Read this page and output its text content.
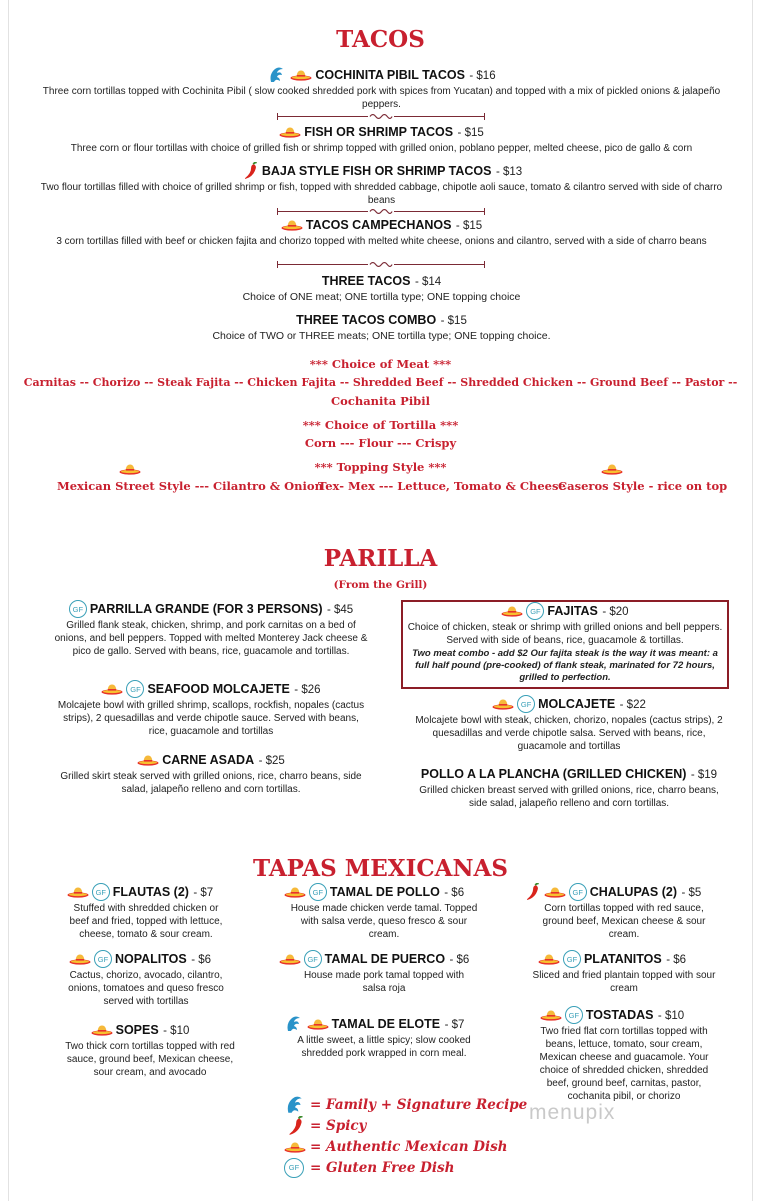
TACOS
COCHINITA PIBIL TACOS - $16
Three corn tortillas topped with Cochinita Pibil ( slow cooked shredded pork with spices from Yucatan) and topped with a mix of pickled onions & jalapeño peppers.
FISH OR SHRIMP TACOS - $15
Three corn or flour tortillas with choice of grilled fish or shrimp topped with grilled onion, poblano pepper, melted cheese, pico de gallo & corn
BAJA STYLE FISH OR SHRIMP TACOS - $13
Two flour tortillas filled with choice of grilled shrimp or fish, topped with shredded cabbage, chipotle aoli sauce, tomato & cilantro served with side of charro beans
TACOS CAMPECHANOS - $15
3 corn tortillas filled with beef or chicken fajita and chorizo topped with melted white cheese, onions and cilantro, served with a side of charro beans
THREE TACOS - $14
Choice of ONE meat; ONE tortilla type; ONE topping choice
THREE TACOS COMBO - $15
Choice of TWO or THREE meats; ONE tortilla type; ONE topping choice.
*** Choice of Meat ***
Carnitas -- Chorizo -- Steak Fajita -- Chicken Fajita -- Shredded Beef -- Shredded Chicken -- Ground Beef -- Pastor --
Cochanita Pibil
*** Choice of Tortilla ***
Corn --- Flour --- Crispy
*** Topping Style ***
Mexican Street Style --- Cilantro & Onion
Tex- Mex --- Lettuce, Tomato & Cheese
Caseros Style - rice on top
PARILLA
(From the Grill)
GF PARRILLA GRANDE (FOR 3 PERSONS) - $45
Grilled flank steak, chicken, shrimp, and pork carnitas on a bed of onions, and bell peppers. Topped with melted Monterey Jack cheese & pico de gallo. Served with beans, rice, guacamole and tortillas.
GF SEAFOOD MOLCAJETE - $26
Molcajete bowl with grilled shrimp, scallops, rockfish, nopales (cactus strips), 2 quesadillas and verde chipotle sauce. Served with beans, rice, guacamole and tortillas
CARNE ASADA - $25
Grilled skirt steak served with grilled onions, rice, charro beans, side salad, jalapeño relleno and corn tortillas.
GF FAJITAS - $20
Choice of chicken, steak or shrimp with grilled onions and bell peppers. Served with side of beans, rice, guacamole & tortillas.
Two meat combo - add $2 Our fajita steak is the way it was meant: a full half pound (pre-cooked) of flank steak, marinated for 72 hours, grilled to perfection.
GF MOLCAJETE - $22
Molcajete bowl with steak, chicken, chorizo, nopales (cactus strips), 2 quesadillas and verde chipotle salsa. Served with beans, rice, guacamole and tortillas
POLLO A LA PLANCHA (GRILLED CHICKEN) - $19
Grilled chicken breast served with grilled onions, rice, charro beans, side salad, jalapeño relleno and corn tortillas.
TAPAS MEXICANAS
GF FLAUTAS (2) - $7
Stuffed with shredded chicken or beef and fried, topped with lettuce, cheese, tomato & sour cream.
GF NOPALITOS - $6
Cactus, chorizo, avocado, cilantro, onions, tomatoes and queso fresco served with tortillas
SOPES - $10
Two thick corn tortillas topped with red sauce, ground beef, Mexican cheese, sour cream, and avocado
GF TAMAL DE POLLO - $6
House made chicken verde tamal. Topped with salsa verde, queso fresco & sour cream.
GF TAMAL DE PUERCO - $6
House made pork tamal topped with salsa roja
TAMAL DE ELOTE - $7
A little sweet, a little spicy; slow cooked shredded pork wrapped in corn meal.
GF CHALUPAS (2) - $5
Corn tortillas topped with red sauce, ground beef, Mexican cheese & sour cream.
GF PLATANITOS - $6
Sliced and fried plantain topped with sour cream
GF TOSTADAS - $10
Two fried flat corn tortillas topped with beans, lettuce, tomato, sour cream, Mexican cheese and guacamole. Your choice of shredded chicken, shredded beef, ground beef, carnitas, pastor, cochanita pibil, or chorizo
= Family + Signature Recipe
= Spicy
= Authentic Mexican Dish
GF = Gluten Free Dish
menupix
